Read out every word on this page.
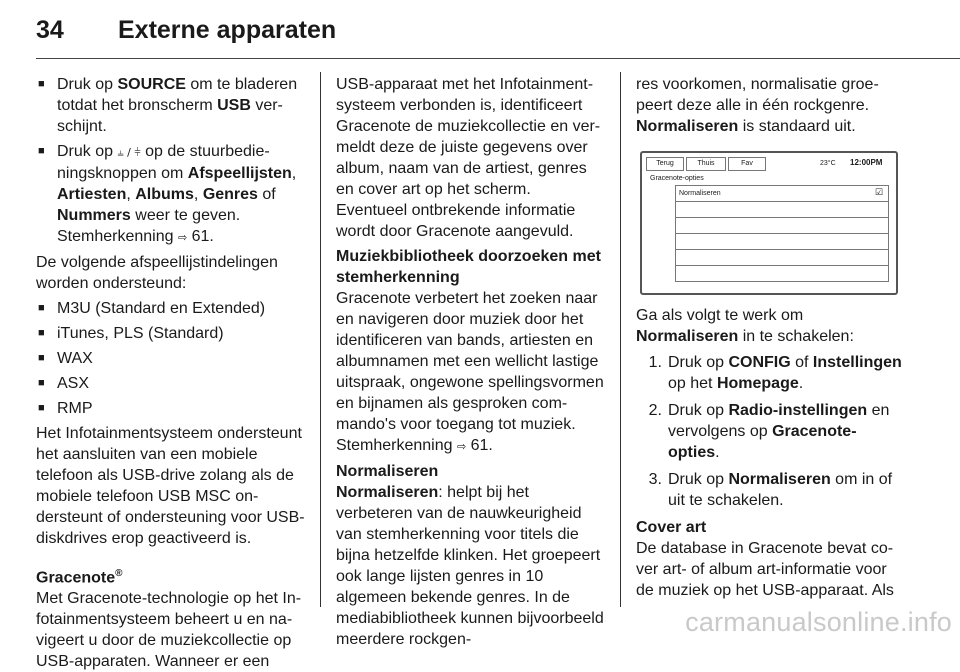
34 Externe apparaten
■ Druk op SOURCE om te bladeren totdat het bronscherm USB verschijnt.
■ Druk op ⫨ / ⫩ op de stuurbedieningsknoppen om Afspeellijsten, Artiesten, Albums, Genres of Nummers weer te geven. Stemherkenning ⇨ 61.

De volgende afspeellijstindelingen worden ondersteund:

■ M3U (Standard en Extended)
■ iTunes, PLS (Standard)
■ WAX
■ ASX
■ RMP

Het Infotainmentsysteem ondersteunt het aansluiten van een mobiele telefoon als USB-drive zolang als de mobiele telefoon USB MSC ondersteunt of ondersteuning voor USB-diskdrives erop geactiveerd is.

Gracenote®

Met Gracenote-technologie op het Infotainmentsysteem beheert u en navigeert u door de muziekcollectie op USB-apparaten. Wanneer er een

USB-apparaat met het Infotainmentsysteem verbonden is, identificeert Gracenote de muziekcollectie en vermeldt deze de juiste gegevens over album, naam van de artiest, genres en cover art op het scherm. Eventueel ontbrekende informatie wordt door Gracenote aangevuld.

Muziekbibliotheek doorzoeken met stemherkenning

Gracenote verbetert het zoeken naar en navigeren door muziek door het identificeren van bands, artiesten en albumnamen met een wellicht lastige uitspraak, ongewone spellingsvormen en bijnamen als gesproken commando's voor toegang tot muziek. Stemherkenning ⇨ 61.

Normaliseren

Normaliseren: helpt bij het verbeteren van de nauwkeurigheid van stemherkenning voor titels die bijna hetzelfde klinken. Het groepeert ook lange lijsten genres in 10 algemeen bekende genres. In de mediabibliotheek kunnen bijvoorbeeld meerdere rockgen-

res voorkomen, normalisatie groepeert deze alle in één rockgenre.

Normaliseren is standaard uit.

Terug	Thuis	Fav	23°C 12:00PM
Gracenote-opties
Normaliseren	☑

Ga als volgt te werk om Normaliseren in te schakelen:

1. Druk op CONFIG of Instellingen op het Homepage.
2. Druk op Radio-instellingen en vervolgens op Gracenote-opties.
3. Druk op Normaliseren om in of uit te schakelen.

Cover art

De database in Gracenote bevat cover art- of album art-informatie voor de muziek op het USB-apparaat. Als

carmanualsonline.info
